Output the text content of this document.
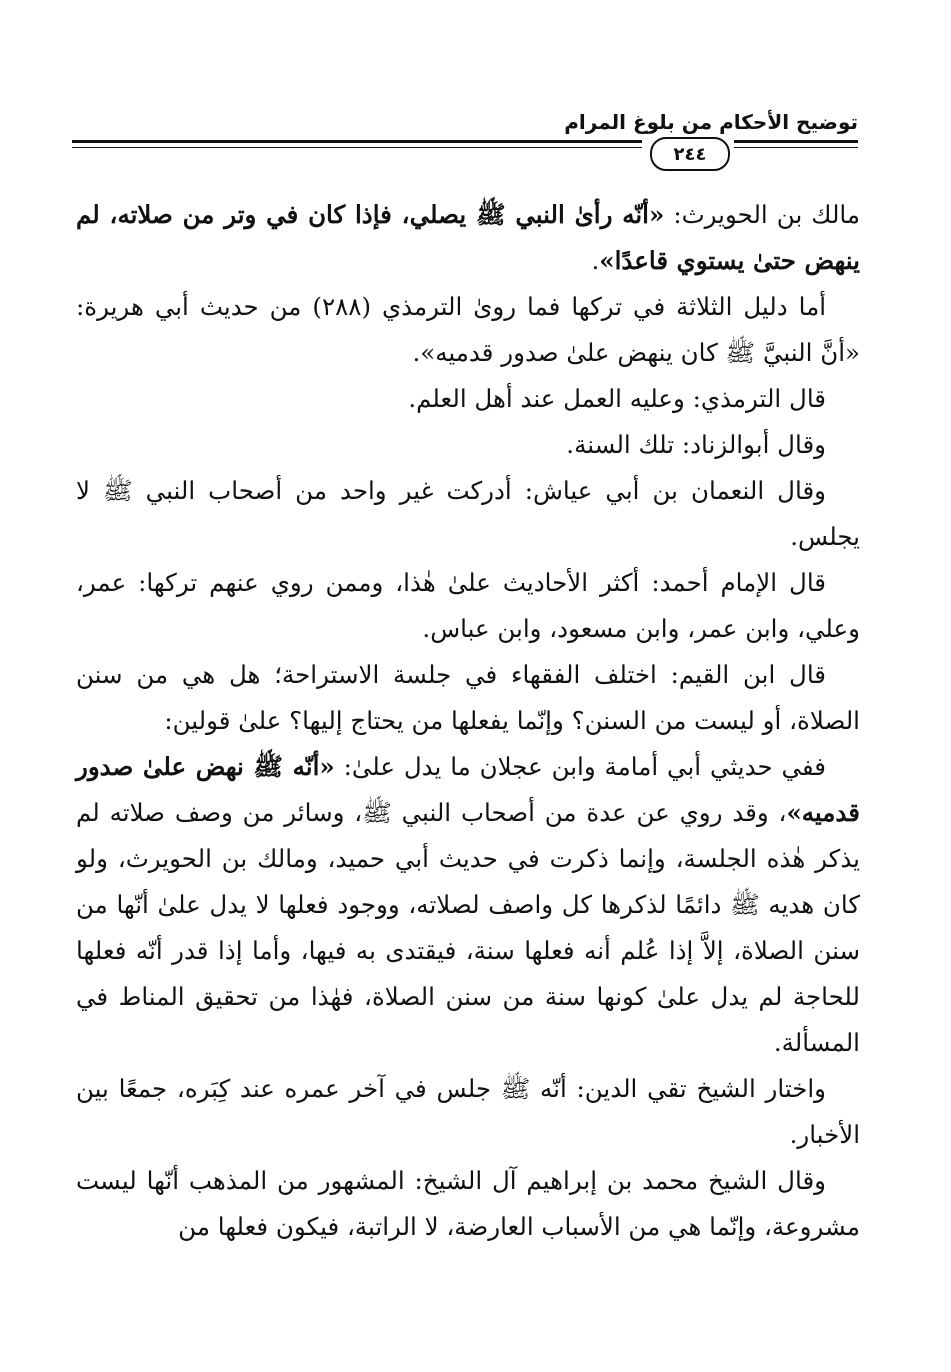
توضيح الأحكام من بلوغ المرام
٢٤٤

مالك بن الحويرث: «أنّه رأىٰ النبي ﷺ يصلي، فإذا كان في وتر من صلاته، لم ينهض حتىٰ يستوي قاعدًا».

أما دليل الثلاثة في تركها فما رویٰ الترمذي (٢٨٨) من حديث أبي هريرة: «أنَّ النبيَّ ﷺ كان ينهض علىٰ صدور قدميه».

قال الترمذي: وعليه العمل عند أهل العلم.

وقال أبوالزناد: تلك السنة.

وقال النعمان بن أبي عياش: أدركت غير واحد من أصحاب النبي ﷺ لا يجلس.

قال الإمام أحمد: أكثر الأحاديث علىٰ هٰذا، وممن روي عنهم تركها: عمر، وعلي، وابن عمر، وابن مسعود، وابن عباس.

قال ابن القيم: اختلف الفقهاء في جلسة الاستراحة؛ هل هي من سنن الصلاة، أو ليست من السنن؟ وإنّما يفعلها من يحتاج إليها؟ علىٰ قولين:

ففي حديثي أبي أمامة وابن عجلان ما يدل علىٰ: «أنّه ﷺ نهض علىٰ صدور قدميه»، وقد روي عن عدة من أصحاب النبي ﷺ، وسائر من وصف صلاته لم يذكر هٰذه الجلسة، وإنما ذكرت في حديث أبي حميد، ومالك بن الحويرث، ولو كان هديه ﷺ دائمًا لذكرها كل واصف لصلاته، ووجود فعلها لا يدل علىٰ أنّها من سنن الصلاة، إلاَّ إذا عُلم أنه فعلها سنة، فيقتدى به فيها، وأما إذا قدر أنّه فعلها للحاجة لم يدل علىٰ كونها سنة من سنن الصلاة، فهٰذا من تحقيق المناط في المسألة.

واختار الشيخ تقي الدين: أنّه ﷺ جلس في آخر عمره عند كِبَره، جمعًا بين الأخبار.

وقال الشيخ محمد بن إبراهيم آل الشيخ: المشهور من المذهب أنّها ليست مشروعة، وإنّما هي من الأسباب العارضة، لا الراتبة، فيكون فعلها من
